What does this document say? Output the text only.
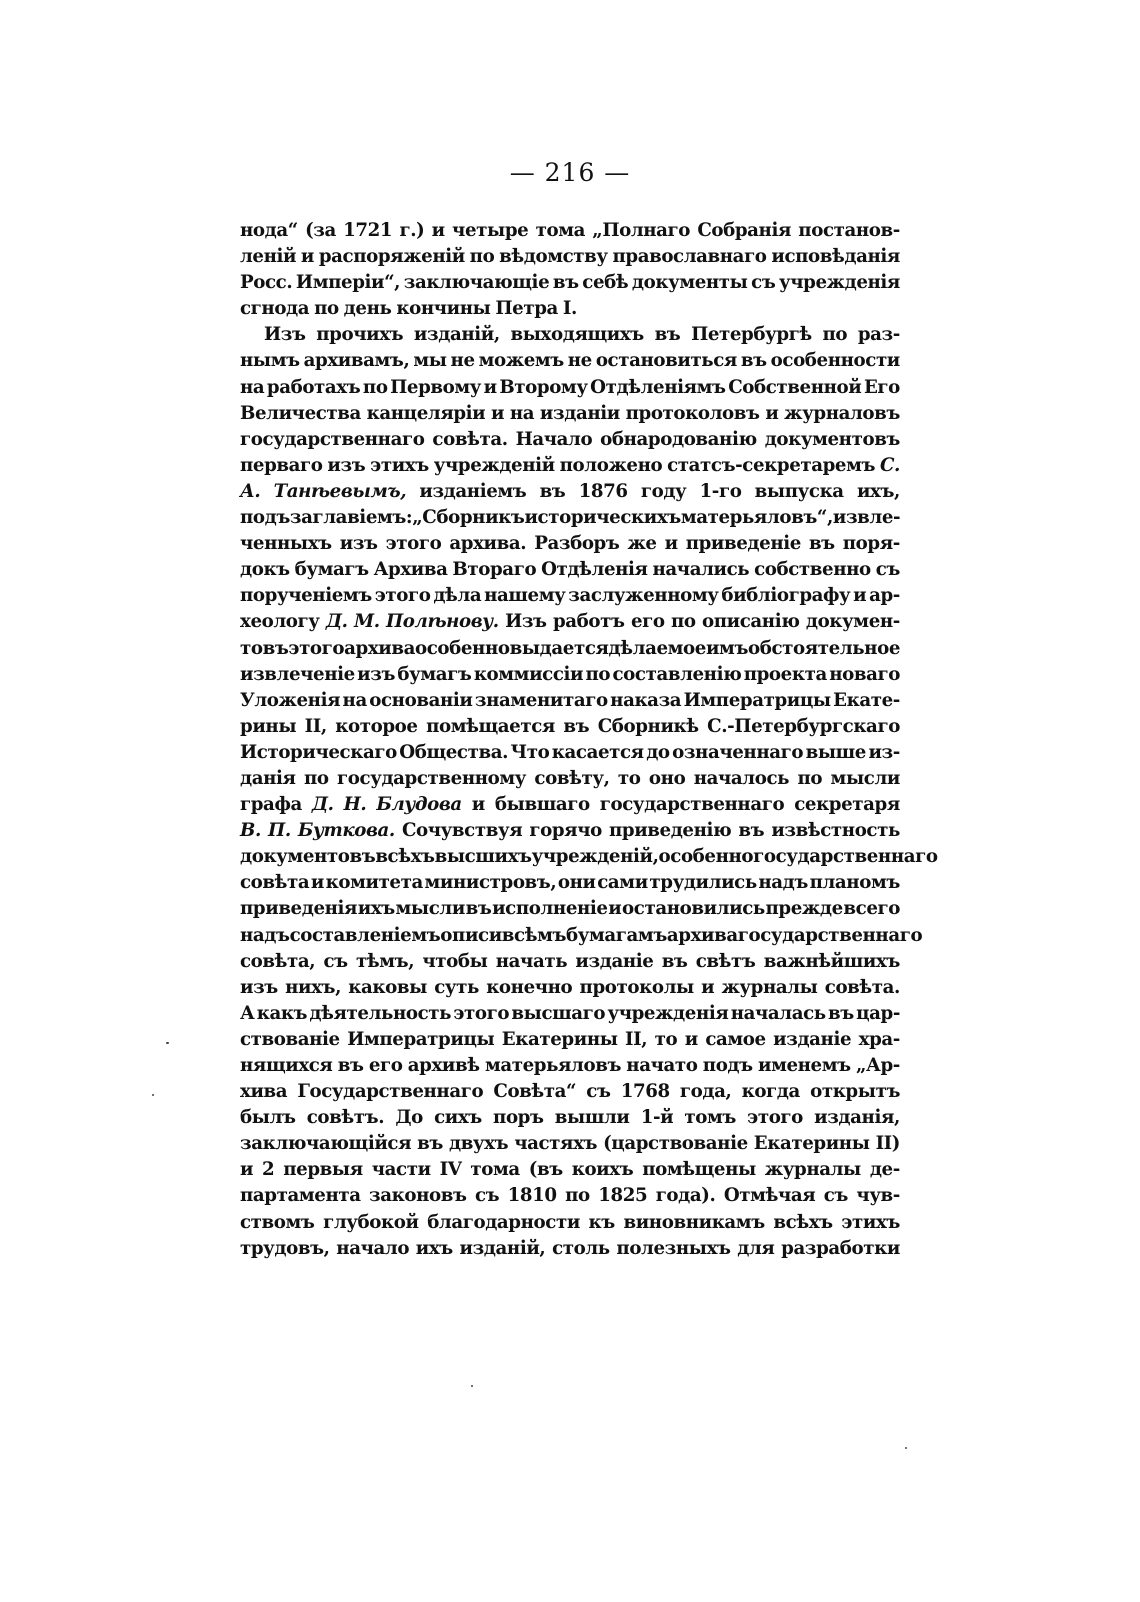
— 216 —
нода“ (за 1721 г.) и четыре тома „Полнаго Собранія постанов-
леній и распоряженій по вѣдомству православнаго исповѣданія
Росс. Имперіи“, заключающіе въ себѣ документы съ учрежденія
сгнода по день кончины Петра I.
Изъ прочихъ изданій, выходящихъ въ Петербургѣ по раз-
нымъ архивамъ, мы не можемъ не остановиться въ особенности
на работахъ по Первому и Второму Отдѣленіямъ Собственной Его
Величества канцеляріи и на изданіи протоколовъ и журналовъ
государственнаго совѣта. Начало обнародованію документовъ
перваго изъ этихъ учрежденій положено статсъ-секретаремъ С.
А. Танѣевымъ, изданіемъ въ 1876 году 1-го выпуска ихъ,
подъ заглавіемъ: „Сборникъ историческихъ матерьяловъ“, извле-
ченныхъ изъ этого архива. Разборъ же и приведеніе въ поря-
докъ бумагъ Архива Втораго Отдѣленія начались собственно съ
порученіемъ этого дѣла нашему заслуженному библіографу и ар-
хеологу Д. М. Полѣнову. Изъ работъ его по описанію докумен-
товъ этого архива особенно выдается дѣлаемое имъ обстоятельное
извлеченіе изъ бумагъ коммиссіи по составленію проекта новаго
Уложенія на основаніи знаменитаго наказа Императрицы Екате-
рины II, которое помѣщается въ Сборникѣ С.-Петербургскаго
Историческаго Общества. Что касается до означеннаго выше из-
данія по государственному совѣту, то оно началось по мысли
графа Д. Н. Блудова и бывшаго государственнаго секретаря
В. П. Буткова. Сочувствуя горячо приведенію въ извѣстность
документовъ всѣхъ высшихъ учрежденій, особенно государственнаго
совѣта и комитета министровъ, они сами трудились надъ планомъ
приведенія ихъ мысли въ исполненіе и остановились прежде всего
надъ составленіемъ описи всѣмъ бумагамъ архива государственнаго
совѣта, съ тѣмъ, чтобы начать изданіе въ свѣтъ важнѣйшихъ
изъ нихъ, каковы суть конечно протоколы и журналы совѣта.
А какъ дѣятельность этого высшаго учрежденія началась въ цар-
ствованіе Императрицы Екатерины II, то и самое изданіе хра-
нящихся въ его архивѣ матерьяловъ начато подъ именемъ „Ар-
хива Государственнаго Совѣта“ съ 1768 года, когда открытъ
былъ совѣтъ. До сихъ поръ вышли 1-й томъ этого изданія,
заключающійся въ двухъ частяхъ (царствованіе Екатерины II)
и 2 первыя части IV тома (въ коихъ помѣщены журналы де-
партамента законовъ съ 1810 по 1825 года). Отмѣчая съ чув-
ствомъ глубокой благодарности къ виновникамъ всѣхъ этихъ
трудовъ, начало ихъ изданій, столь полезныхъ для разработки
